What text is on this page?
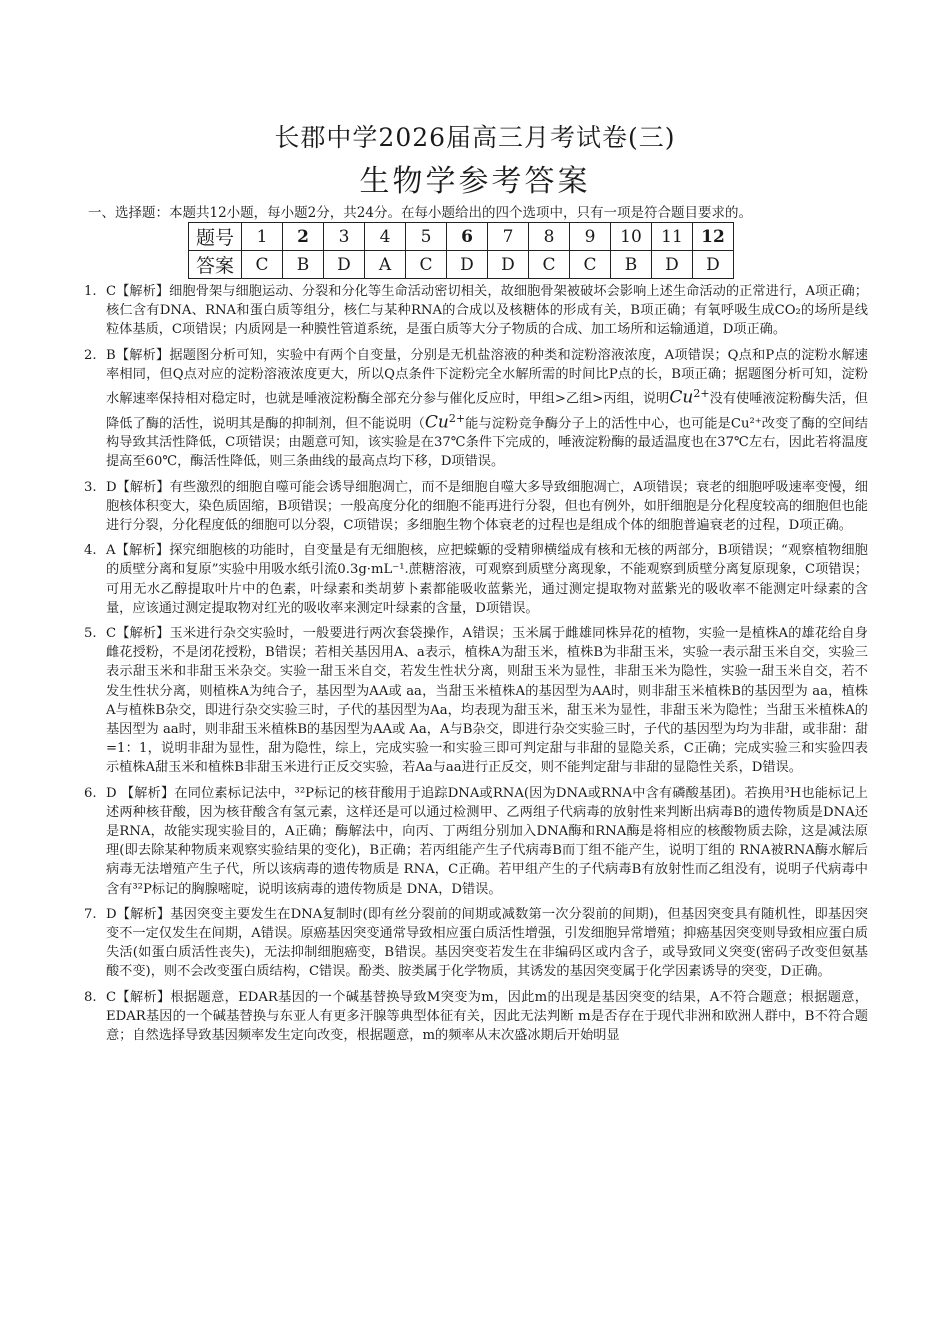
长郡中学2026届高三月考试卷(三)
生物学参考答案
一、选择题：本题共12小题，每小题2分，共24分。在每小题给出的四个选项中，只有一项是符合题目要求的。
题号	1	2	3	4	5	6	7	8	9	10	11	12
答案	C	B	D	A	C	D	D	C	C	B	D	D
1. C【解析】细胞骨架与细胞运动、分裂和分化等生命活动密切相关，故细胞骨架被破坏会影响上述生命活动的正常进行，A项正确；核仁含有DNA、RNA和蛋白质等组分，核仁与某种RNA的合成以及核糖体的形成有关，B项正确；有氧呼吸生成CO₂的场所是线粒体基质，C项错误；内质网是一种膜性管道系统，是蛋白质等大分子物质的合成、加工场所和运输通道，D项正确。
2. B【解析】据题图分析可知，实验中有两个自变量，分别是无机盐溶液的种类和淀粉溶液浓度，A项错误；Q点和P点的淀粉水解速率相同，但Q点对应的淀粉溶液浓度更大，所以Q点条件下淀粉完全水解所需的时间比P点的长，B项正确；据题图分析可知，淀粉水解速率保持相对稳定时，也就是唾液淀粉酶全部充分参与催化反应时，甲组>乙组>丙组，说明$Cu^{2+}$没有使唾液淀粉酶失活，但降低了酶的活性，说明其是酶的抑制剂，但不能说明（$Cu^{2+}$能与淀粉竞争酶分子上的活性中心，也可能是Cu²⁺改变了酶的空间结构导致其活性降低，C项错误；由题意可知，该实验是在37℃条件下完成的，唾液淀粉酶的最适温度也在37℃左右，因此若将温度提高至60℃，酶活性降低，则三条曲线的最高点均下移，D项错误。
3. D【解析】有些激烈的细胞自噬可能会诱导细胞凋亡，而不是细胞自噬大多导致细胞凋亡，A项错误；衰老的细胞呼吸速率变慢，细胞核体积变大，染色质固缩，B项错误；一般高度分化的细胞不能再进行分裂，但也有例外，如肝细胞是分化程度较高的细胞但也能进行分裂，分化程度低的细胞可以分裂，C项错误；多细胞生物个体衰老的过程也是组成个体的细胞普遍衰老的过程，D项正确。
4. A【解析】探究细胞核的功能时，自变量是有无细胞核，应把蝾螈的受精卵横缢成有核和无核的两部分，B项错误；“观察植物细胞的质壁分离和复原”实验中用吸水纸引流0.3g·mL⁻¹.蔗糖溶液，可观察到质壁分离现象，不能观察到质壁分离复原现象，C项错误；可用无水乙醇提取叶片中的色素，叶绿素和类胡萝卜素都能吸收蓝紫光，通过测定提取物对蓝紫光的吸收率不能测定叶绿素的含量，应该通过测定提取物对红光的吸收率来测定叶绿素的含量，D项错误。
5. C【解析】玉米进行杂交实验时，一般要进行两次套袋操作，A错误；玉米属于雌雄同株异花的植物，实验一是植株A的雄花给自身雌花授粉，不是闭花授粉，B错误；若相关基因用A、a表示，植株A为甜玉米，植株B为非甜玉米，实验一表示甜玉米自交，实验三表示甜玉米和非甜玉米杂交。实验一甜玉米自交，若发生性状分离，则甜玉米为显性，非甜玉米为隐性，实验一甜玉米自交，若不发生性状分离，则植株A为纯合子，基因型为AA或 aa，当甜玉米植株A的基因型为AA时，则非甜玉米植株B的基因型为 aa，植株A与植株B杂交，即进行杂交实验三时，子代的基因型为Aa，均表现为甜玉米，甜玉米为显性，非甜玉米为隐性；当甜玉米植株A的基因型为 aa时，则非甜玉米植株B的基因型为AA或 Aa，A与B杂交，即进行杂交实验三时，子代的基因型为均为非甜，或非甜：甜=1：1，说明非甜为显性，甜为隐性，综上，完成实验一和实验三即可判定甜与非甜的显隐关系，C正确；完成实验三和实验四表示植株A甜玉米和植株B非甜玉米进行正反交实验，若Aa与aa进行正反交，则不能判定甜与非甜的显隐性关系，D错误。
6. D 【解析】在同位素标记法中，³²P标记的核苷酸用于追踪DNA或RNA(因为DNA或RNA中含有磷酸基团)。若换用³H也能标记上述两种核苷酸，因为核苷酸含有氢元素，这样还是可以通过检测甲、乙两组子代病毒的放射性来判断出病毒B的遗传物质是DNA还是RNA，故能实现实验目的，A正确；酶解法中，向丙、丁两组分别加入DNA酶和RNA酶是将相应的核酸物质去除，这是减法原理(即去除某种物质来观察实验结果的变化)，B正确；若丙组能产生子代病毒B而丁组不能产生，说明丁组的 RNA被RNA酶水解后病毒无法增殖产生子代，所以该病毒的遗传物质是 RNA，C正确。若甲组产生的子代病毒B有放射性而乙组没有，说明子代病毒中含有³²P标记的胸腺嘧啶，说明该病毒的遗传物质是 DNA，D错误。
7. D【解析】基因突变主要发生在DNA复制时(即有丝分裂前的间期或减数第一次分裂前的间期)，但基因突变具有随机性，即基因突变不一定仅发生在间期，A错误。原癌基因突变通常导致相应蛋白质活性增强，引发细胞异常增殖；抑癌基因突变则导致相应蛋白质失活(如蛋白质活性丧失)，无法抑制细胞癌变，B错误。基因突变若发生在非编码区或内含子，或导致同义突变(密码子改变但氨基酸不变)，则不会改变蛋白质结构，C错误。酚类、胺类属于化学物质，其诱发的基因突变属于化学因素诱导的突变，D正确。
8. C【解析】根据题意，EDAR基因的一个碱基替换导致M突变为m，因此m的出现是基因突变的结果，A不符合题意；根据题意，EDAR基因的一个碱基替换与东亚人有更多汗腺等典型体征有关，因此无法判断 m是否存在于现代非洲和欧洲人群中，B不符合题意；自然选择导致基因频率发生定向改变，根据题意，m的频率从末次盛冰期后开始明显
